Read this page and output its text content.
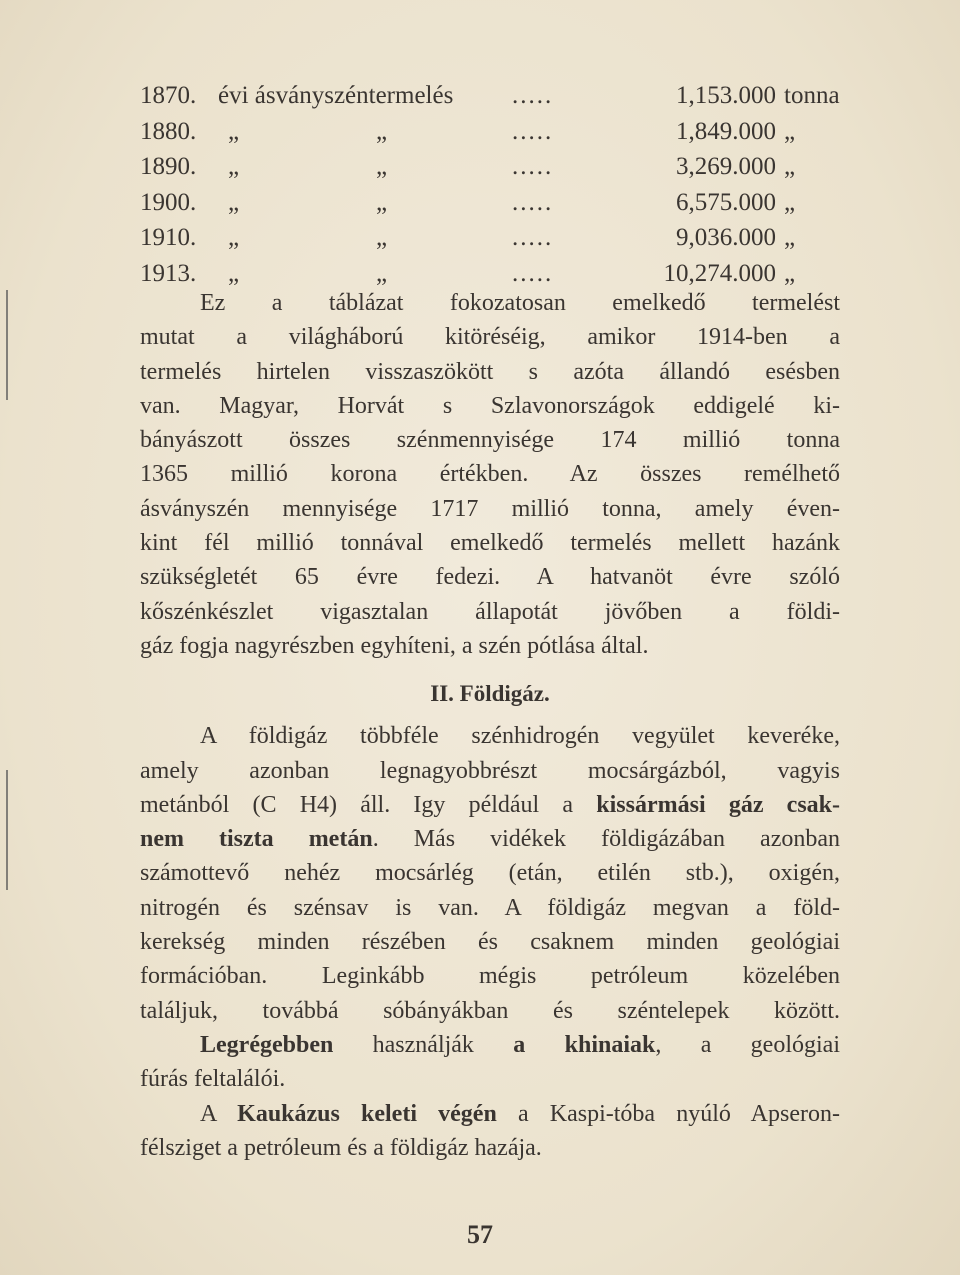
1870. évi ásványszéntermelés .....	1,153.000 tonna
1880. „	„	.....	1,849.000 „
1890. „	„	.....	3,269.000 „
1900. „	„	.....	6,575.000 „
1910. „	„	.....	9,036.000 „
1913. „	„	.....	10,274.000 „
Ez a táblázat fokozatosan emelkedő termelést
mutat a világháború kitöréséig, amikor 1914-ben a
termelés hirtelen visszaszökött s azóta állandó esésben
van. Magyar, Horvát s Szlavonországok eddigelé ki-
bányászott összes szénmennyisége 174 millió tonna
1365 millió korona értékben. Az összes remélhető
ásványszén mennyisége 1717 millió tonna, amely éven-
kint fél millió tonnával emelkedő termelés mellett hazánk
szükségletét 65 évre fedezi. A hatvanöt évre szóló
kőszénkészlet vigasztalan állapotát jövőben a földi-
gáz fogja nagyrészben egyhíteni, a szén pótlása által.
II. Földigáz.
A földigáz többféle szénhidrogén vegyület keveréke,
amely azonban legnagyobbrészt mocsárgázból, vagyis
metánból (C H4) áll. Igy például a kissármási gáz csak-
nem tiszta metán. Más vidékek földigázában azonban
számottevő nehéz mocsárlég (etán, etilén stb.), oxigén,
nitrogén és szénsav is van. A földigáz megvan a föld-
kerekség minden részében és csaknem minden geológiai
formációban. Leginkább mégis petróleum közelében
találjuk, továbbá sóbányákban és széntelepek között.
Legrégebben használják a khinaiak, a geológiai
fúrás feltalálói.
A Kaukázus keleti végén a Kaspi-tóba nyúló Apseron-
félsziget a petróleum és a földigáz hazája.
57
